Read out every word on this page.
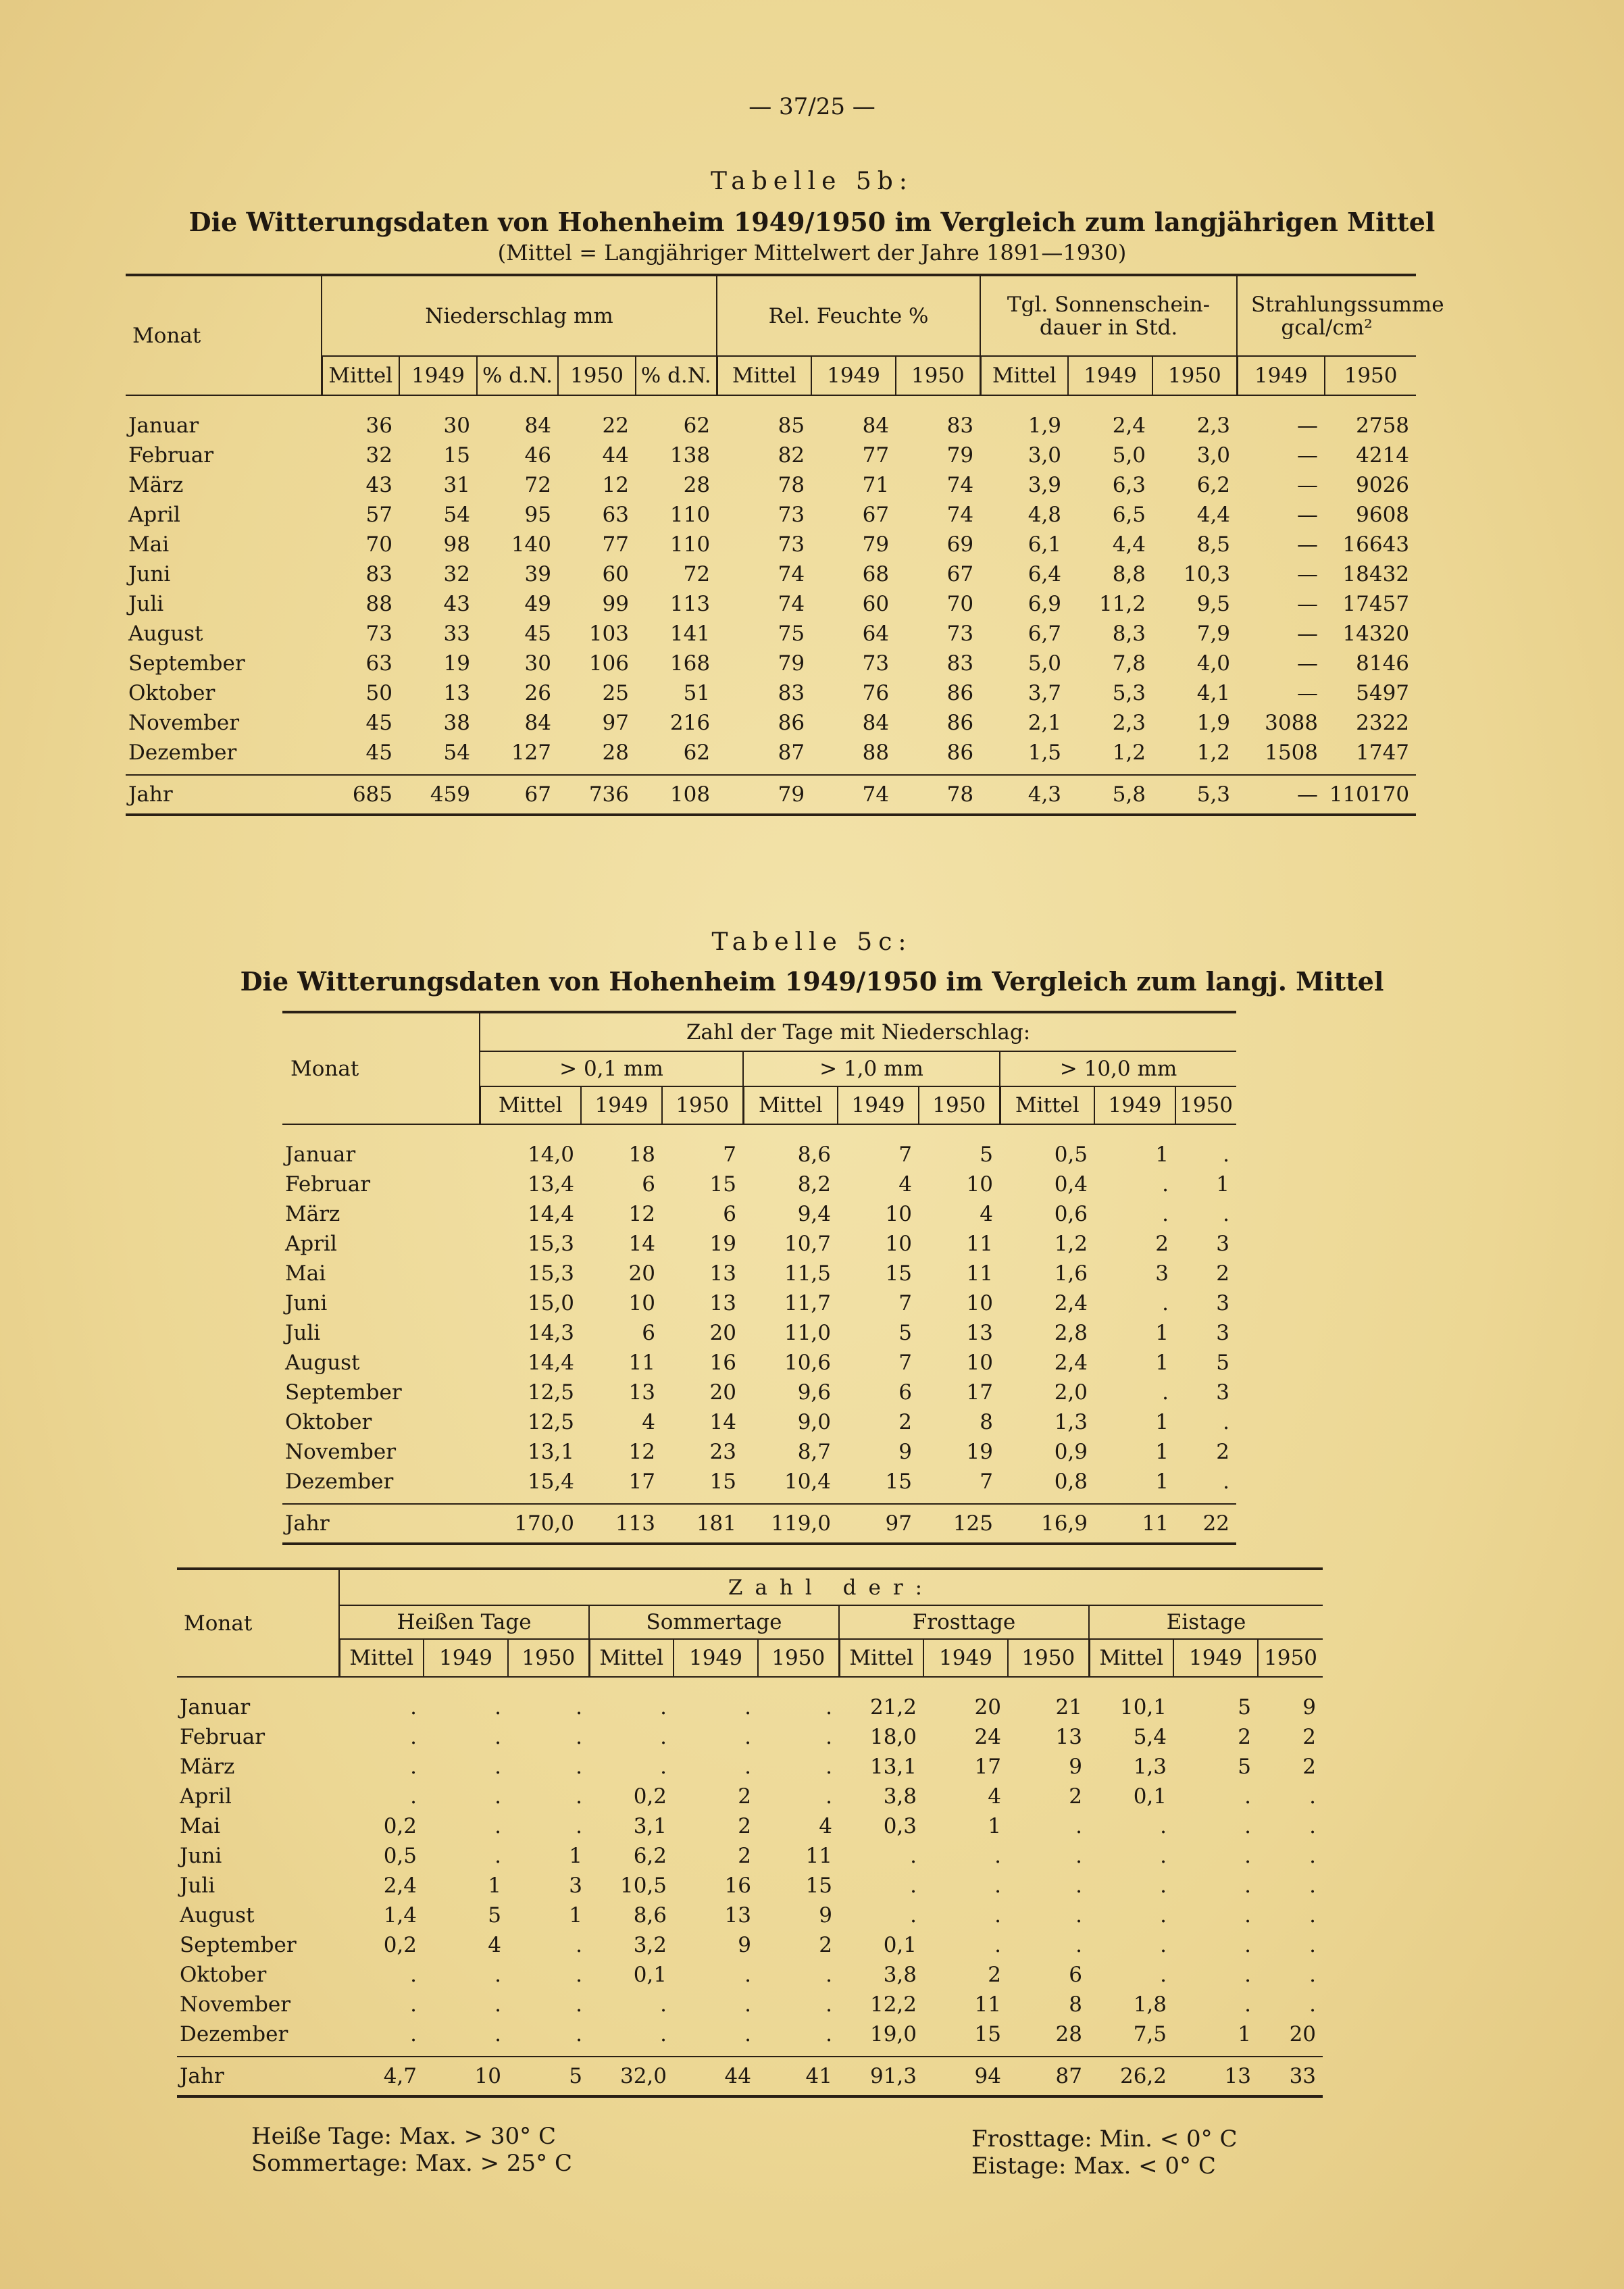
— 37/25 —
Tabelle 5b:
Die Witterungsdaten von Hohenheim 1949/1950 im Vergleich zum langjährigen Mittel
(Mittel = Langjähriger Mittelwert der Jahre 1891—1930)
Monat	Niederschlag mm					Rel. Feuchte %			Tgl. Sonnenschein-dauer in Std.			Strahlungssumme gcal/cm²	
	Mittel	1949	% d.N.	1950	% d.N.	Mittel	1949	1950	Mittel	1949	1950	1949	1950
Januar	36	30	84	22	62	85	84	83	1,9	2,4	2,3	—	2758
Februar	32	15	46	44	138	82	77	79	3,0	5,0	3,0	—	4214
März	43	31	72	12	28	78	71	74	3,9	6,3	6,2	—	9026
April	57	54	95	63	110	73	67	74	4,8	6,5	4,4	—	9608
Mai	70	98	140	77	110	73	79	69	6,1	4,4	8,5	—	16643
Juni	83	32	39	60	72	74	68	67	6,4	8,8	10,3	—	18432
Juli	88	43	49	99	113	74	60	70	6,9	11,2	9,5	—	17457
August	73	33	45	103	141	75	64	73	6,7	8,3	7,9	—	14320
September	63	19	30	106	168	79	73	83	5,0	7,8	4,0	—	8146
Oktober	50	13	26	25	51	83	76	86	3,7	5,3	4,1	—	5497
November	45	38	84	97	216	86	84	86	2,1	2,3	1,9	3088	2322
Dezember	45	54	127	28	62	87	88	86	1,5	1,2	1,2	1508	1747
Jahr	685	459	67	736	108	79	74	78	4,3	5,8	5,3	—	110170
Tabelle 5c:
Die Witterungsdaten von Hohenheim 1949/1950 im Vergleich zum langj. Mittel
Monat	Zahl der Tage mit Niederschlag:								
	> 0,1 mm			> 1,0 mm			> 10,0 mm		
	Mittel	1949	1950	Mittel	1949	1950	Mittel	1949	1950
Januar	14,0	18	7	8,6	7	5	0,5	1	.
Februar	13,4	6	15	8,2	4	10	0,4	.	1
März	14,4	12	6	9,4	10	4	0,6	.	.
April	15,3	14	19	10,7	10	11	1,2	2	3
Mai	15,3	20	13	11,5	15	11	1,6	3	2
Juni	15,0	10	13	11,7	7	10	2,4	.	3
Juli	14,3	6	20	11,0	5	13	2,8	1	3
August	14,4	11	16	10,6	7	10	2,4	1	5
September	12,5	13	20	9,6	6	17	2,0	.	3
Oktober	12,5	4	14	9,0	2	8	1,3	1	.
November	13,1	12	23	8,7	9	19	0,9	1	2
Dezember	15,4	17	15	10,4	15	7	0,8	1	.
Jahr	170,0	113	181	119,0	97	125	16,9	11	22
Monat	Zahl der:											
	Heißen Tage			Sommertage			Frosttage			Eistage		
	Mittel	1949	1950	Mittel	1949	1950	Mittel	1949	1950	Mittel	1949	1950
Januar	.	.	.	.	.	.	21,2	20	21	10,1	5	9
Februar	.	.	.	.	.	.	18,0	24	13	5,4	2	2
März	.	.	.	.	.	.	13,1	17	9	1,3	5	2
April	.	.	.	0,2	2	.	3,8	4	2	0,1	.	.
Mai	0,2	.	.	3,1	2	4	0,3	1	.	.	.	.
Juni	0,5	.	1	6,2	2	11	.	.	.	.	.	.
Juli	2,4	1	3	10,5	16	15	.	.	.	.	.	.
August	1,4	5	1	8,6	13	9	.	.	.	.	.	.
September	0,2	4	.	3,2	9	2	0,1	.	.	.	.	.
Oktober	.	.	.	0,1	.	.	3,8	2	6	.	.	.
November	.	.	.	.	.	.	12,2	11	8	1,8	.	.
Dezember	.	.	.	.	.	.	19,0	15	28	7,5	1	20
Jahr	4,7	10	5	32,0	44	41	91,3	94	87	26,2	13	33
Heiße Tage: Max. > 30° C
Sommertage: Max. > 25° C
Frosttage: Min. < 0° C
Eistage: Max. < 0° C
